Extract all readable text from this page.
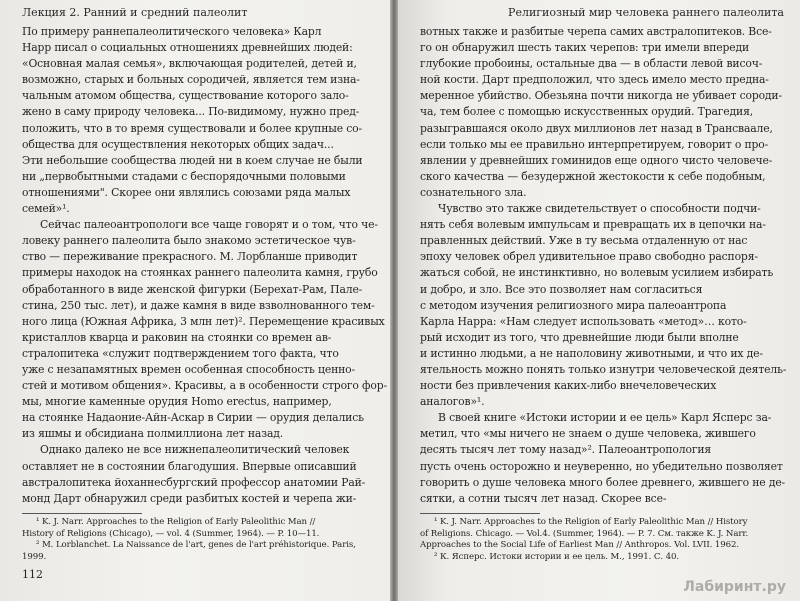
Лекция 2. Ранний и средний палеолит
По примеру раннепалеолитического человека» Карл
Нарр писал о социальных отношениях древнейших людей:
«Основная малая семья», включающая родителей, детей и,
возможно, старых и больных сородичей, является тем изна-
чальным атомом общества, существование которого зало-
жено в саму природу человека... По-видимому, нужно пред-
положить, что в то время существовали и более крупные со-
общества для осуществления некоторых общих задач...
Эти небольшие сообщества людей ни в коем случае не были
ни „первобытными стадами с беспорядочными половыми
отношениями". Скорее они являлись союзами ряда малых
семей»¹.
Сейчас палеоантропологи все чаще говорят и о том, что че-
ловеку раннего палеолита было знакомо эстетическое чув-
ство — переживание прекрасного. М. Лорбланше приводит
примеры находок на стоянках раннего палеолита камня, грубо
обработанного в виде женской фигурки (Берехат-Рам, Пале-
стина, 250 тыс. лет), и даже камня в виде взволнованного тем-
ного лица (Южная Африка, 3 млн лет)². Перемещение красивых
кристаллов кварца и раковин на стоянки со времен ав-
стралопитека «служит подтверждением того факта, что
уже с незапамятных времен особенная способность ценно-
стей и мотивом общения». Красивы, а в особенности строго фор-
мы, многие каменные орудия Homo erectus, например,
на стоянке Надаоние-Айн-Аскар в Сирии — орудия делались
из яшмы и обсидиана полмиллиона лет назад.
Однако далеко не все нижнепалеолитический человек
оставляет не в состоянии благодушия. Впервые описавший
австралопитека йоханнесбургский профессор анатомии Рай-
монд Дарт обнаружил среди разбитых костей и черепа жи-
¹ K. J. Narr. Approaches to the Religion of Early Paleolithic Man //
History of Religions (Chicago), — vol. 4 (Summer, 1964). — P. 10—11.
² M. Lorblanchet. La Naissance de l'art, genes de l'art préhistorique. Paris,
1999.
112
Религиозный мир человека раннего палеолита
вотных также и разбитые черепа самих австралопитеков. Все-
го он обнаружил шесть таких черепов: три имели впереди
глубокие пробоины, остальные два — в области левой височ-
ной кости. Дарт предположил, что здесь имело место предна-
меренное убийство. Обезьяна почти никогда не убивает сороди-
ча, тем более с помощью искусственных орудий. Трагедия,
разыгравшаяся около двух миллионов лет назад в Трансваале,
если только мы ее правильно интерпретируем, говорит о про-
явлении у древнейших гоминидов еще одного чисто человече-
ского качества — безудержной жестокости к себе подобным,
сознательного зла.
Чувство это также свидетельствует о способности подчи-
нять себя волевым импульсам и превращать их в цепочки на-
правленных действий. Уже в ту весьма отдаленную от нас
эпоху человек обрел удивительное право свободно распоря-
жаться собой, не инстинктивно, но волевым усилием избирать
и добро, и зло. Все это позволяет нам согласиться
с методом изучения религиозного мира палеоантропа
Карла Нарра: «Нам следует использовать «метод»… кото-
рый исходит из того, что древнейшие люди были вполне
и истинно людьми, а не наполовину животными, и что их де-
ятельность можно понять только изнутри человеческой деятель-
ности без привлечения каких-либо внечеловеческих
аналогов»¹.
В своей книге «Истоки истории и ее цель» Карл Ясперс за-
метил, что «мы ничего не знаем о душе человека, жившего
десять тысяч лет тому назад»². Палеоантропология
пусть очень осторожно и неуверенно, но убедительно позволяет
говорить о душе человека много более древнего, жившего не де-
сятки, а сотни тысяч лет назад. Скорее все-
¹ K. J. Narr. Approaches to the Religion of Early Paleolithic Man // History
of Religions. Chicago. — Vol.4. (Summer, 1964). — P. 7. См. также K. J. Narr.
Approaches to the Social Life of Earliest Man // Anthropos. Vol. LVII. 1962.
² К. Ясперс. Истоки истории и ее цель. М., 1991. С. 40.
Лабиринт.ру
